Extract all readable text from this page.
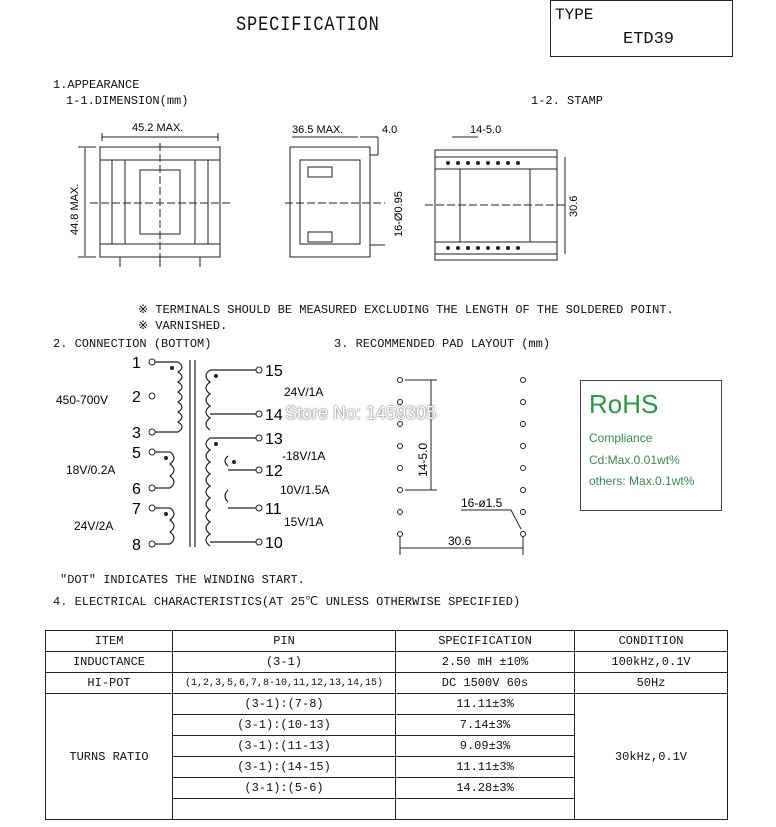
SPECIFICATION	TYPE
ETD39
1.APPEARANCE
1-1.DIMENSION(mm)	1-2. STAMP
45.2 MAX.	36.5 MAX.	4.0	14-5.0
44.8 MAX.	16-Ø0.95	30.6
※ TERMINALS SHOULD BE MEASURED EXCLUDING THE LENGTH OF THE SOLDERED POINT.
※ VARNISHED.
2. CONNECTION (BOTTOM)	3. RECOMMENDED PAD LAYOUT (mm)
1
2
3
5
6
7
8
15
14
13
12
11
10
450-700V
18V/0.2A
24V/2A
24V/1A
-18V/1A
10V/1.5A
15V/1A
14-5.0
16-ø1.5
30.6
RoHS
Compliance
Cd:Max.0.01wt%
others: Max.0.1wt%
Store No: 1459305
"DOT" INDICATES THE WINDING START.
4. ELECTRICAL CHARACTERISTICS(AT 25℃ UNLESS OTHERWISE SPECIFIED)
ITEM	PIN	SPECIFICATION	CONDITION
INDUCTANCE	(3-1)	2.50 mH ±10%	100kHz,0.1V
HI-POT	(1,2,3,5,6,7,8-10,11,12,13,14,15)	DC 1500V 60s	50Hz
TURNS RATIO	(3-1):(7-8)	11.11±3%	30kHz,0.1V
	(3-1):(10-13)	7.14±3%	
	(3-1):(11-13)	9.09±3%	
	(3-1):(14-15)	11.11±3%	
	(3-1):(5-6)	14.28±3%	
